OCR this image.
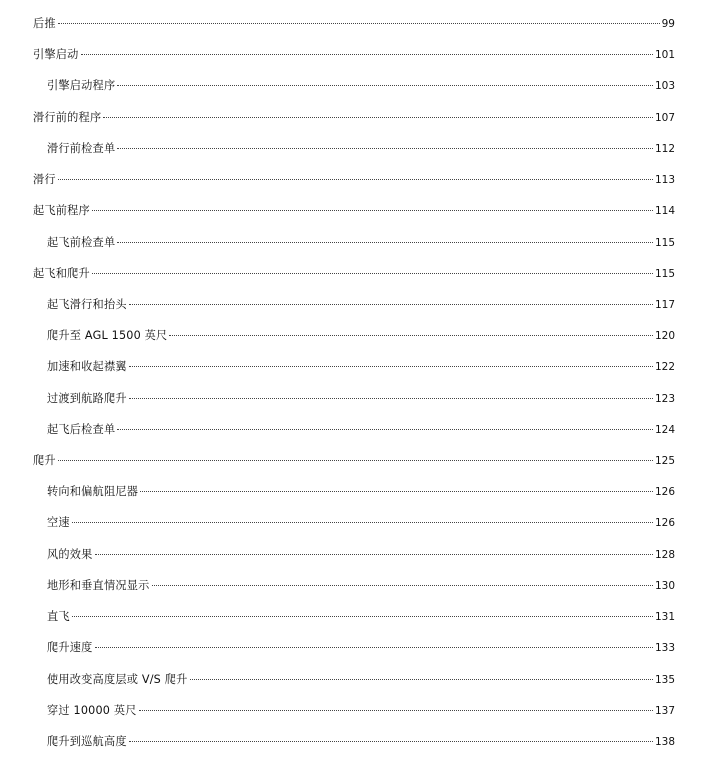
后推	99
引擎启动	101
引擎启动程序	103
滑行前的程序	107
滑行前检查单	112
滑行	113
起飞前程序	114
起飞前检查单	115
起飞和爬升	115
起飞滑行和抬头	117
爬升至 AGL 1500 英尺	120
加速和收起襟翼	122
过渡到航路爬升	123
起飞后检查单	124
爬升	125
转向和偏航阻尼器	126
空速	126
风的效果	128
地形和垂直情况显示	130
直飞	131
爬升速度	133
使用改变高度层或 V/S 爬升	135
穿过 10000 英尺	137
爬升到巡航高度	138
